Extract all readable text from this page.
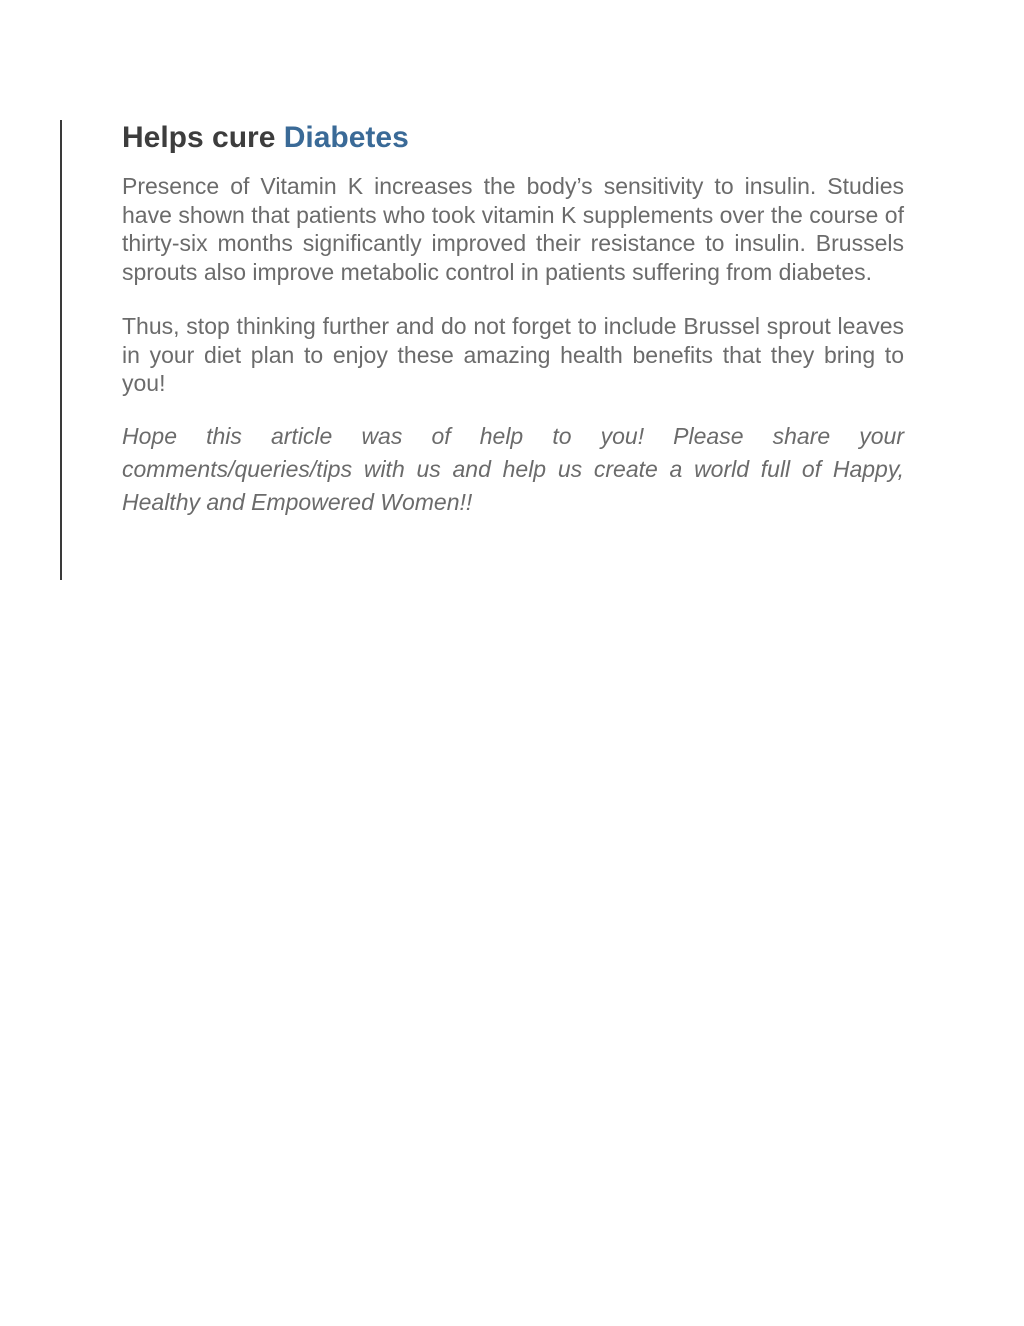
Helps cure Diabetes

Presence of Vitamin K increases the body’s sensitivity to insulin. Studies have shown that patients who took vitamin K supplements over the course of thirty-six months significantly improved their resistance to insulin. Brussels sprouts also improve metabolic control in patients suffering from diabetes.

Thus, stop thinking further and do not forget to include Brussel sprout leaves in your diet plan to enjoy these amazing health benefits that they bring to you!

Hope this article was of help to you! Please share your comments/queries/tips with us and help us create a world full of Happy, Healthy and Empowered Women!!
